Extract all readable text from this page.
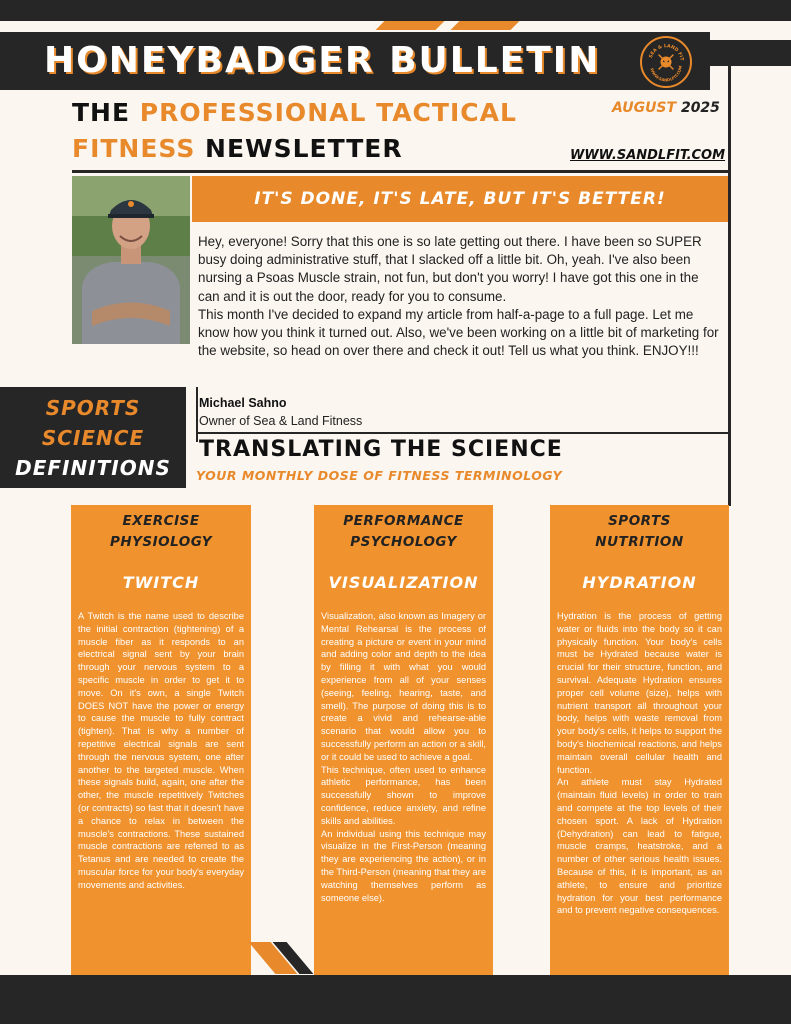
HONEYBADGER BULLETIN	SEA & LAND FIT
WWW.SANDLFIT.COM
THE PROFESSIONAL TACTICAL
FITNESS NEWSLETTER
AUGUST 2025
WWW.SANDLFIT.COM
IT'S DONE, IT'S LATE, BUT IT'S BETTER!

Hey, everyone! Sorry that this one is so late getting out there. I have been so SUPER busy doing administrative stuff, that I slacked off a little bit. Oh, yeah. I've also been nursing a Psoas Muscle strain, not fun, but don't you worry! I have got this one in the can and it is out the door, ready for you to consume.

This month I've decided to expand my article from half-a-page to a full page. Let me know how you think it turned out. Also, we've been working on a little bit of marketing for the website, so head on over there and check it out! Tell us what you think. ENJOY!!!

SPORTS
SCIENCE
DEFINITIONS
Michael Sahno
Owner of Sea & Land Fitness
TRANSLATING THE SCIENCE
YOUR MONTHLY DOSE OF FITNESS TERMINOLOGY
EXERCISE
PHYSIOLOGY
TWITCH

A Twitch is the name used to describe the initial contraction (tightening) of a muscle fiber as it responds to an electrical signal sent by your brain through your nervous system to a specific muscle in order to get it to move. On it's own, a single Twitch DOES NOT have the power or energy to cause the muscle to fully contract (tighten). That is why a number of repetitive electrical signals are sent through the nervous system, one after another to the targeted muscle. When these signals build, again, one after the other, the muscle repetitively Twitches (or contracts) so fast that it doesn't have a chance to relax in between the muscle's contractions. These sustained muscle contractions are referred to as Tetanus and are needed to create the muscular force for your body's everyday movements and activities.

PERFORMANCE
PSYCHOLOGY
VISUALIZATION

Visualization, also known as Imagery or Mental Rehearsal is the process of creating a picture or event in your mind and adding color and depth to the idea by filling it with what you would experience from all of your senses (seeing, feeling, hearing, taste, and smell). The purpose of doing this is to create a vivid and rehearse-able scenario that would allow you to successfully perform an action or a skill, or it could be used to achieve a goal.

This technique, often used to enhance athletic performance, has been successfully shown to improve confidence, reduce anxiety, and refine skills and abilities.

An individual using this technique may visualize in the First-Person (meaning they are experiencing the action), or in the Third-Person (meaning that they are watching themselves perform as someone else).

SPORTS
NUTRITION
HYDRATION

Hydration is the process of getting water or fluids into the body so it can physically function. Your body's cells must be Hydrated because water is crucial for their structure, function, and survival. Adequate Hydration ensures proper cell volume (size), helps with nutrient transport all throughout your body, helps with waste removal from your body's cells, it helps to support the body's biochemical reactions, and helps maintain overall cellular health and function.

An athlete must stay Hydrated (maintain fluid levels) in order to train and compete at the top levels of their chosen sport. A lack of Hydration (Dehydration) can lead to fatigue, muscle cramps, heatstroke, and a number of other serious health issues. Because of this, it is important, as an athlete, to ensure and prioritize hydration for your best performance and to prevent negative consequences.
